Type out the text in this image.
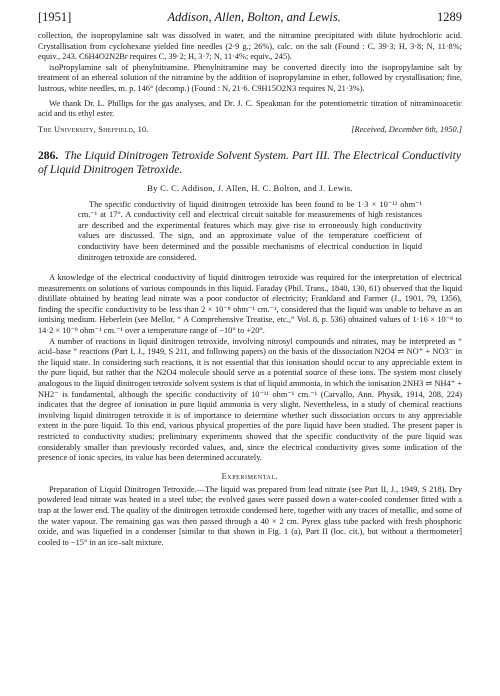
[1951]	Addison, Allen, Bolton, and Lewis.	1289

collection, the isopropylamine salt was dissolved in water, and the nitramine precipitated with dilute hydrochloric acid. Crystallisation from cyclohexane yielded fine needles (2·9 g.; 26%), calc. on the salt (Found : C, 39·3; H, 3·8; N, 11·8%; equiv., 243. C6H4O2N2Br requires C, 39·2; H, 3·7; N, 11·4%; equiv., 245).

isoPropylamine salt of phenylnitramine. Phenylnitramine may be converted directly into the isopropylamine salt by treatment of an ethereal solution of the nitramine by the addition of isopropylamine in ether, followed by crystallisation; fine, lustrous, white needles, m. p. 146° (decomp.) (Found : N, 21·6. C9H15O2N3 requires N, 21·3%).

We thank Dr. L. Phillips for the gas analyses, and Dr. J. C. Speakman for the potentiometric titration of nitraminoacetic acid and its ethyl ester.

The University, Sheffield, 10.	[Received, December 6th, 1950.]
286. The Liquid Dinitrogen Tetroxide Solvent System. Part III. The Electrical Conductivity of Liquid Dinitrogen Tetroxide.
By C. C. Addison, J. Allen, H. C. Bolton, and J. Lewis.

The specific conductivity of liquid dinitrogen tetroxide has been found to be 1·3 × 10⁻¹² ohm⁻¹ cm.⁻¹ at 17°. A conductivity cell and electrical circuit suitable for measurements of high resistances are described and the experimental features which may give rise to erroneously high conductivity values are discussed. The sign, and an approximate value of the temperature coefficient of conductivity have been determined and the possible mechanisms of electrical conduction in liquid dinitrogen tetroxide are considered.

A knowledge of the electrical conductivity of liquid dinitrogen tetroxide was required for the interpretation of electrical measurements on solutions of various compounds in this liquid. Faraday (Phil. Trans., 1840, 130, 61) observed that the liquid distillate obtained by heating lead nitrate was a poor conductor of electricity; Frankland and Farmer (J., 1901, 79, 1356), finding the specific conductivity to be less than 2 × 10⁻⁸ ohm⁻¹ cm.⁻¹, considered that the liquid was unable to behave as an ionising medium. Heberlein (see Mellor, “ A Comprehensive Treatise, etc.,” Vol. 8, p. 536) obtained values of 1·16 × 10⁻⁸ to 14·2 × 10⁻⁸ ohm⁻¹ cm.⁻¹ over a temperature range of −10° to +20°.

A number of reactions in liquid dinitrogen tetroxide, involving nitrosyl compounds and nitrates, may be interpreted as “ acid–base ” reactions (Part I, J., 1949, S 211, and following papers) on the basis of the dissociation N2O4 ⇌ NO⁺ + NO3⁻ in the liquid state. In considering such reactions, it is not essential that this ionisation should occur to any appreciable extent in the pure liquid, but rather that the N2O4 molecule should serve as a potential source of these ions. The system most closely analogous to the liquid dinitrogen tetroxide solvent system is that of liquid ammonia, in which the ionisation 2NH3 ⇌ NH4⁺ + NH2⁻ is fundamental, although the specific conductivity of 10⁻¹¹ ohm⁻¹ cm.⁻¹ (Carvallo, Ann. Physik, 1914, 208, 224) indicates that the degree of ionisation in pure liquid ammonia is very slight. Nevertheless, in a study of chemical reactions involving liquid dinitrogen tetroxide it is of importance to determine whether such dissociation occurs to any appreciable extent in the pure liquid. To this end, various physical properties of the pure liquid have been studied. The present paper is restricted to conductivity studies; preliminary experiments showed that the specific conductivity of the pure liquid was considerably smaller than previously recorded values, and, since the electrical conductivity gives some indication of the presence of ionic species, its value has been determined accurately.

Experimental.

Preparation of Liquid Dinitrogen Tetroxide.—The liquid was prepared from lead nitrate (see Part II, J., 1949, S 218). Dry powdered lead nitrate was heated in a steel tube; the evolved gases were passed down a water-cooled condenser fitted with a trap at the lower end. The quality of the dinitrogen tetroxide condensed here, together with any traces of metallic, and some of the water vapour. The remaining gas was then passed through a 40 × 2 cm. Pyrex glass tube packed with fresh phosphoric oxide, and was liquefied in a condenser [similar to that shown in Fig. 1 (a), Part II (loc. cit.), but without a thermometer] cooled to −15° in an ice–salt mixture.
